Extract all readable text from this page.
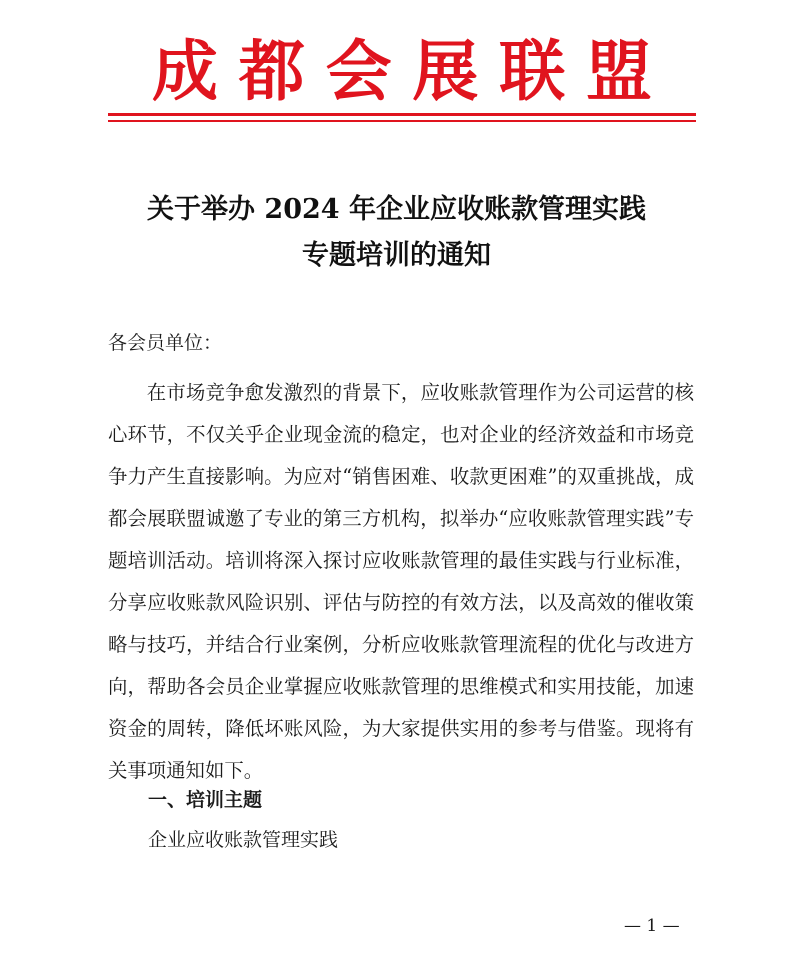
成 都 会 展 联 盟
关于举办 2024 年企业应收账款管理实践
专题培训的通知
各会员单位：

在市场竞争愈发激烈的背景下，应收账款管理作为公司运营的核心环节，不仅关乎企业现金流的稳定，也对企业的经济效益和市场竞争力产生直接影响。为应对“销售困难、收款更困难”的双重挑战，成都会展联盟诚邀了专业的第三方机构，拟举办“应收账款管理实践”专题培训活动。培训将深入探讨应收账款管理的最佳实践与行业标准，分享应收账款风险识别、评估与防控的有效方法，以及高效的催收策略与技巧，并结合行业案例，分析应收账款管理流程的优化与改进方向，帮助各会员企业掌握应收账款管理的思维模式和实用技能，加速资金的周转，降低坏账风险，为大家提供实用的参考与借鉴。现将有关事项通知如下。

一、培训主题
企业应收账款管理实践
— 1 —
